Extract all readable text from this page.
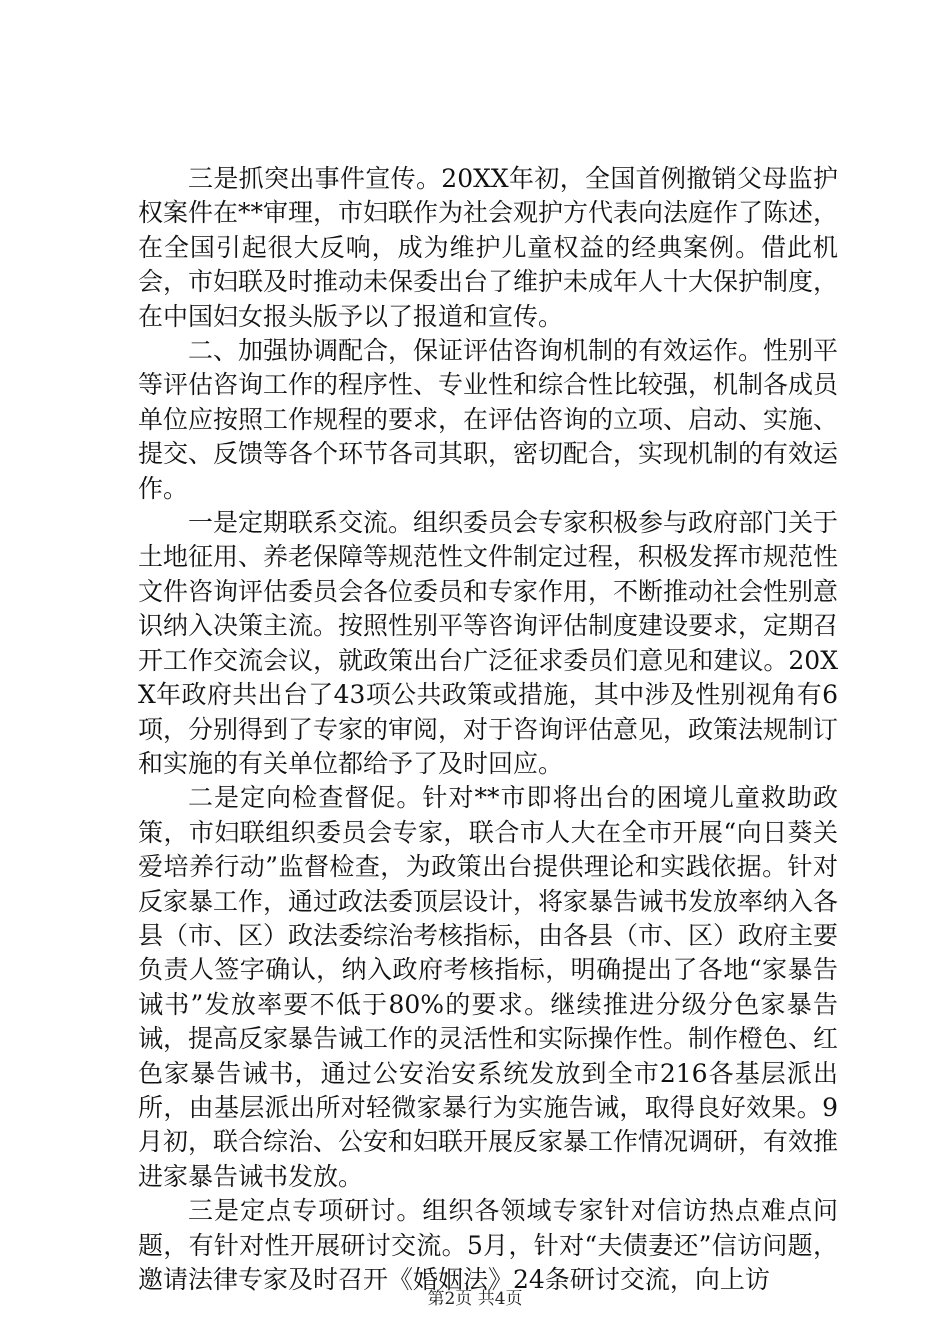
三是抓突出事件宣传。20XX年初，全国首例撤销父母监护权案件在**审理，市妇联作为社会观护方代表向法庭作了陈述，在全国引起很大反响，成为维护儿童权益的经典案例。借此机会，市妇联及时推动未保委出台了维护未成年人十大保护制度，在中国妇女报头版予以了报道和宣传。

二、加强协调配合，保证评估咨询机制的有效运作。性别平等评估咨询工作的程序性、专业性和综合性比较强，机制各成员单位应按照工作规程的要求，在评估咨询的立项、启动、实施、提交、反馈等各个环节各司其职，密切配合，实现机制的有效运作。

一是定期联系交流。组织委员会专家积极参与政府部门关于土地征用、养老保障等规范性文件制定过程，积极发挥市规范性文件咨询评估委员会各位委员和专家作用，不断推动社会性别意识纳入决策主流。按照性别平等咨询评估制度建设要求，定期召开工作交流会议，就政策出台广泛征求委员们意见和建议。20XX年政府共出台了43项公共政策或措施，其中涉及性别视角有6项，分别得到了专家的审阅，对于咨询评估意见，政策法规制订和实施的有关单位都给予了及时回应。

二是定向检查督促。针对**市即将出台的困境儿童救助政策，市妇联组织委员会专家，联合市人大在全市开展“向日葵关爱培养行动”监督检查，为政策出台提供理论和实践依据。针对反家暴工作，通过政法委顶层设计，将家暴告诫书发放率纳入各县（市、区）政法委综治考核指标，由各县（市、区）政府主要负责人签字确认，纳入政府考核指标，明确提出了各地“家暴告诫书”发放率要不低于80%的要求。继续推进分级分色家暴告诫，提高反家暴告诫工作的灵活性和实际操作性。制作橙色、红色家暴告诫书，通过公安治安系统发放到全市216各基层派出所，由基层派出所对轻微家暴行为实施告诫，取得良好效果。9月初，联合综治、公安和妇联开展反家暴工作情况调研，有效推进家暴告诫书发放。

三是定点专项研讨。组织各领域专家针对信访热点难点问题，有针对性开展研讨交流。5月，针对“夫债妻还”信访问题，邀请法律专家及时召开《婚姻法》24条研讨交流，向上访

第2页 共4页
